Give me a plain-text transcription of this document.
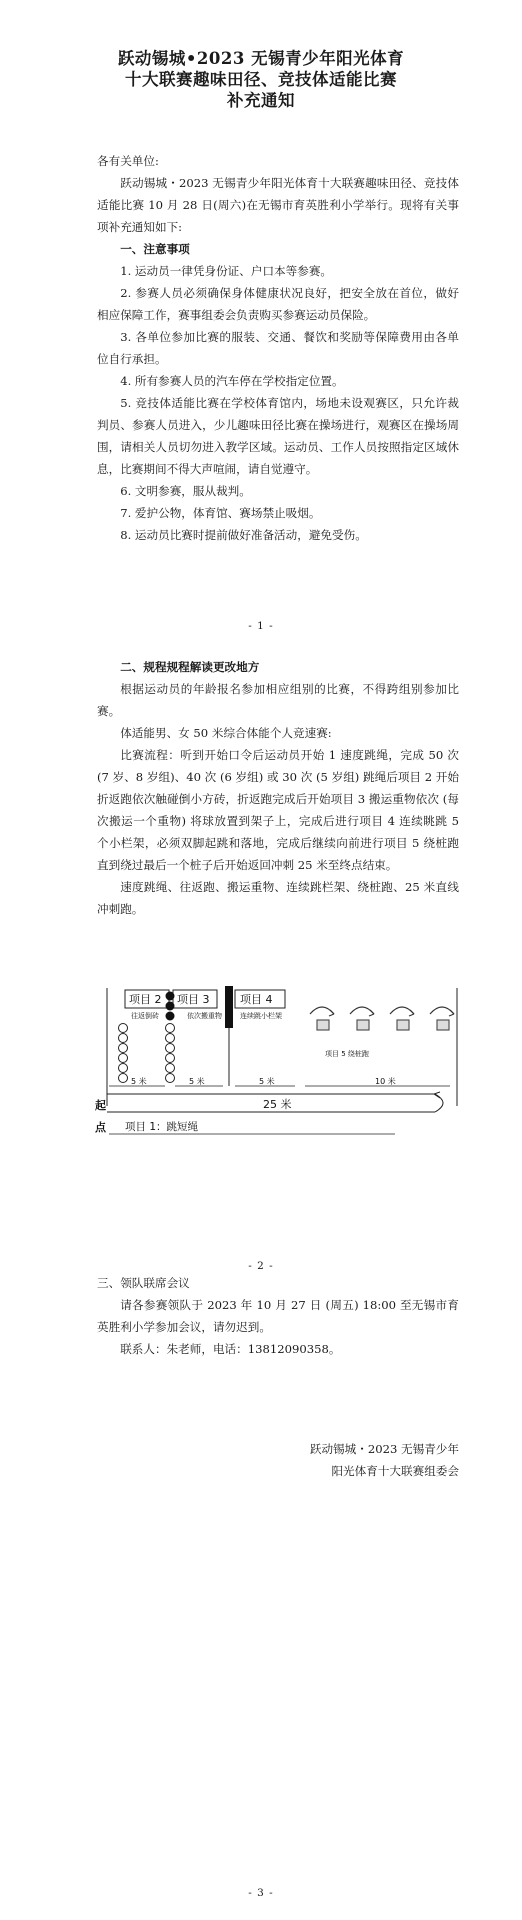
跃动锡城•2023 无锡青少年阳光体育
十大联赛趣味田径、竞技体适能比赛
补充通知

各有关单位:

跃动锡城・2023 无锡青少年阳光体育十大联赛趣味田径、竞技体适能比赛 10 月 28 日(周六)在无锡市育英胜利小学举行。现将有关事项补充通知如下:

一、注意事项

1. 运动员一律凭身份证、户口本等参赛。

2. 参赛人员必须确保身体健康状况良好，把安全放在首位，做好相应保障工作，赛事组委会负责购买参赛运动员保险。

3. 各单位参加比赛的服装、交通、餐饮和奖励等保障费用由各单位自行承担。

4. 所有参赛人员的汽车停在学校指定位置。

5. 竞技体适能比赛在学校体育馆内，场地未设观赛区，只允许裁判员、参赛人员进入，少儿趣味田径比赛在操场进行，观赛区在操场周围，请相关人员切勿进入教学区域。运动员、工作人员按照指定区域休息，比赛期间不得大声喧闹，请自觉遵守。

6. 文明参赛，服从裁判。

7. 爱护公物，体育馆、赛场禁止吸烟。

8. 运动员比赛时提前做好准备活动，避免受伤。

- 1 -

二、规程规程解读更改地方

根据运动员的年龄报名参加相应组别的比赛，不得跨组别参加比赛。

体适能男、女 50 米综合体能个人竞速赛:

比赛流程：听到开始口令后运动员开始 1 速度跳绳，完成 50 次 (7 岁、8 岁组)、40 次 (6 岁组) 或 30 次 (5 岁组) 跳绳后项目 2 开始折返跑依次触碰倒小方砖，折返跑完成后开始项目 3 搬运重物依次 (每次搬运一个重物) 将球放置到架子上，完成后进行项目 4 连续眺跳 5 个小栏架，必须双脚起跳和落地，完成后继续向前进行项目 5 绕桩跑直到绕过最后一个桩子后开始返回冲刺 25 米至终点结束。

速度跳绳、往返跑、搬运重物、连续跳栏架、绕桩跑、25 米直线冲刺跑。

项目 2 项目 3	项目 4
往返倒砖	依次搬重物	连续跳小栏架
项目 5 绕桩跑
5 米	5 米	5 米	10 米
25 米
起
点 项目 1：跳短绳
- 2 -

三、领队联席会议

请各参赛领队于 2023 年 10 月 27 日 (周五) 18:00 至无锡市育英胜利小学参加会议，请勿迟到。

联系人：朱老师，电话：13812090358。

跃动锡城・2023 无锡青少年
阳光体育十大联赛组委会
- 3 -
